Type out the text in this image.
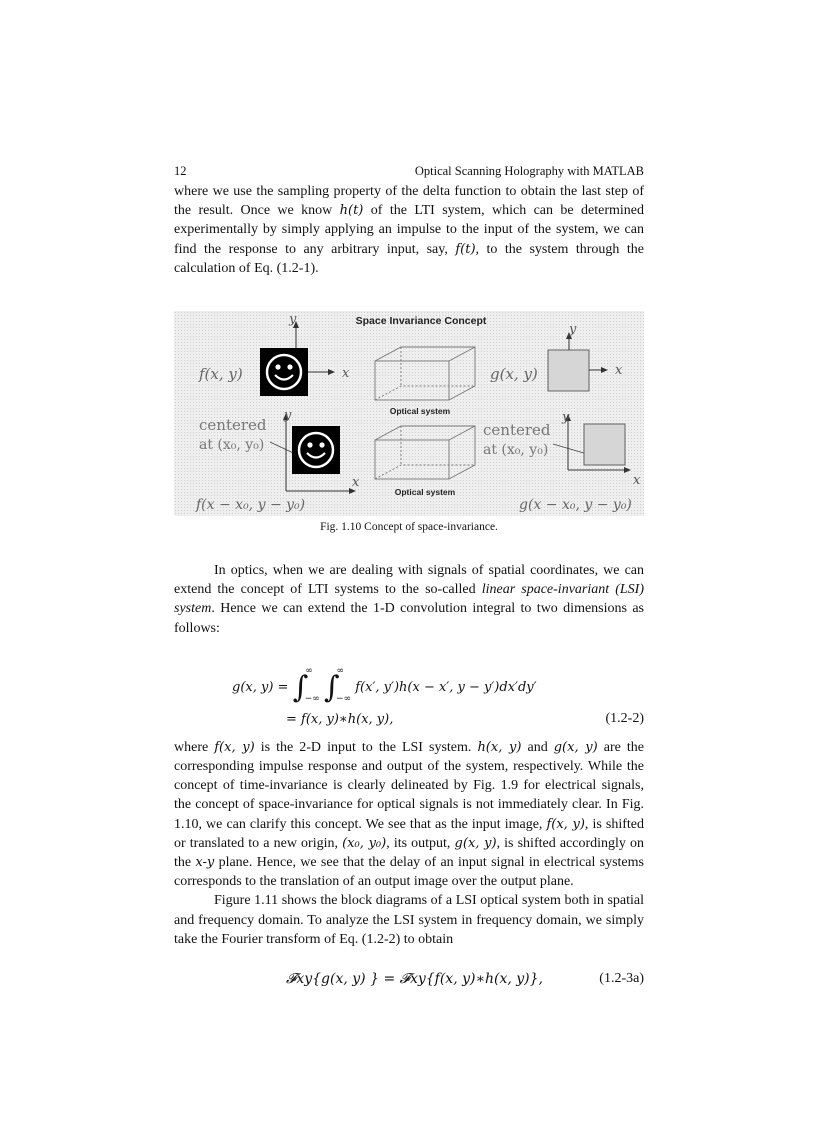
12	Optical Scanning Holography with MATLAB

where we use the sampling property of the delta function to obtain the last step of the result. Once we know h(t) of the LTI system, which can be determined experimentally by simply applying an impulse to the input of the system, we can find the response to any arbitrary input, say, f(t), to the system through the calculation of Eq. (1.2-1).

Space Invariance Concept
f(x, y)
y
x
Optical system
g(x, y)
y
x
centered
at (x₀, y₀)
y
x
Optical system
centered
at (x₀, y₀)
y
x
f(x − x₀, y − y₀)	g(x − x₀, y − y₀)
Fig. 1.10 Concept of space-invariance.

In optics, when we are dealing with signals of spatial coordinates, we can extend the concept of LTI systems to the so-called linear space-invariant (LSI) system. Hence we can extend the 1-D convolution integral to two dimensions as follows:

g(x, $y) = \int^\infty_{-\infty}$ $\int^\infty_{-\infty}$ f(x′, y′)h(x − x′, y − y′)dx′dy′
= f(x, y)∗h(x, y),	(1.2-2)

where f(x, y) is the 2-D input to the LSI system. h(x, y) and g(x, y) are the corresponding impulse response and output of the system, respectively. While the concept of time-invariance is clearly delineated by Fig. 1.9 for electrical signals, the concept of space-invariance for optical signals is not immediately clear. In Fig. 1.10, we can clarify this concept. We see that as the input image, f(x, y), is shifted or translated to a new origin, (x₀, y₀), its output, g(x, y), is shifted accordingly on the x-y plane. Hence, we see that the delay of an input signal in electrical systems corresponds to the translation of an output image over the output plane.

Figure 1.11 shows the block diagrams of a LSI optical system both in spatial and frequency domain. To analyze the LSI system in frequency domain, we simply take the Fourier transform of Eq. (1.2-2) to obtain

𝓕xy{g(x, y) } = 𝓕xy{f(x, y)∗h(x, y)},	(1.2-3a)
